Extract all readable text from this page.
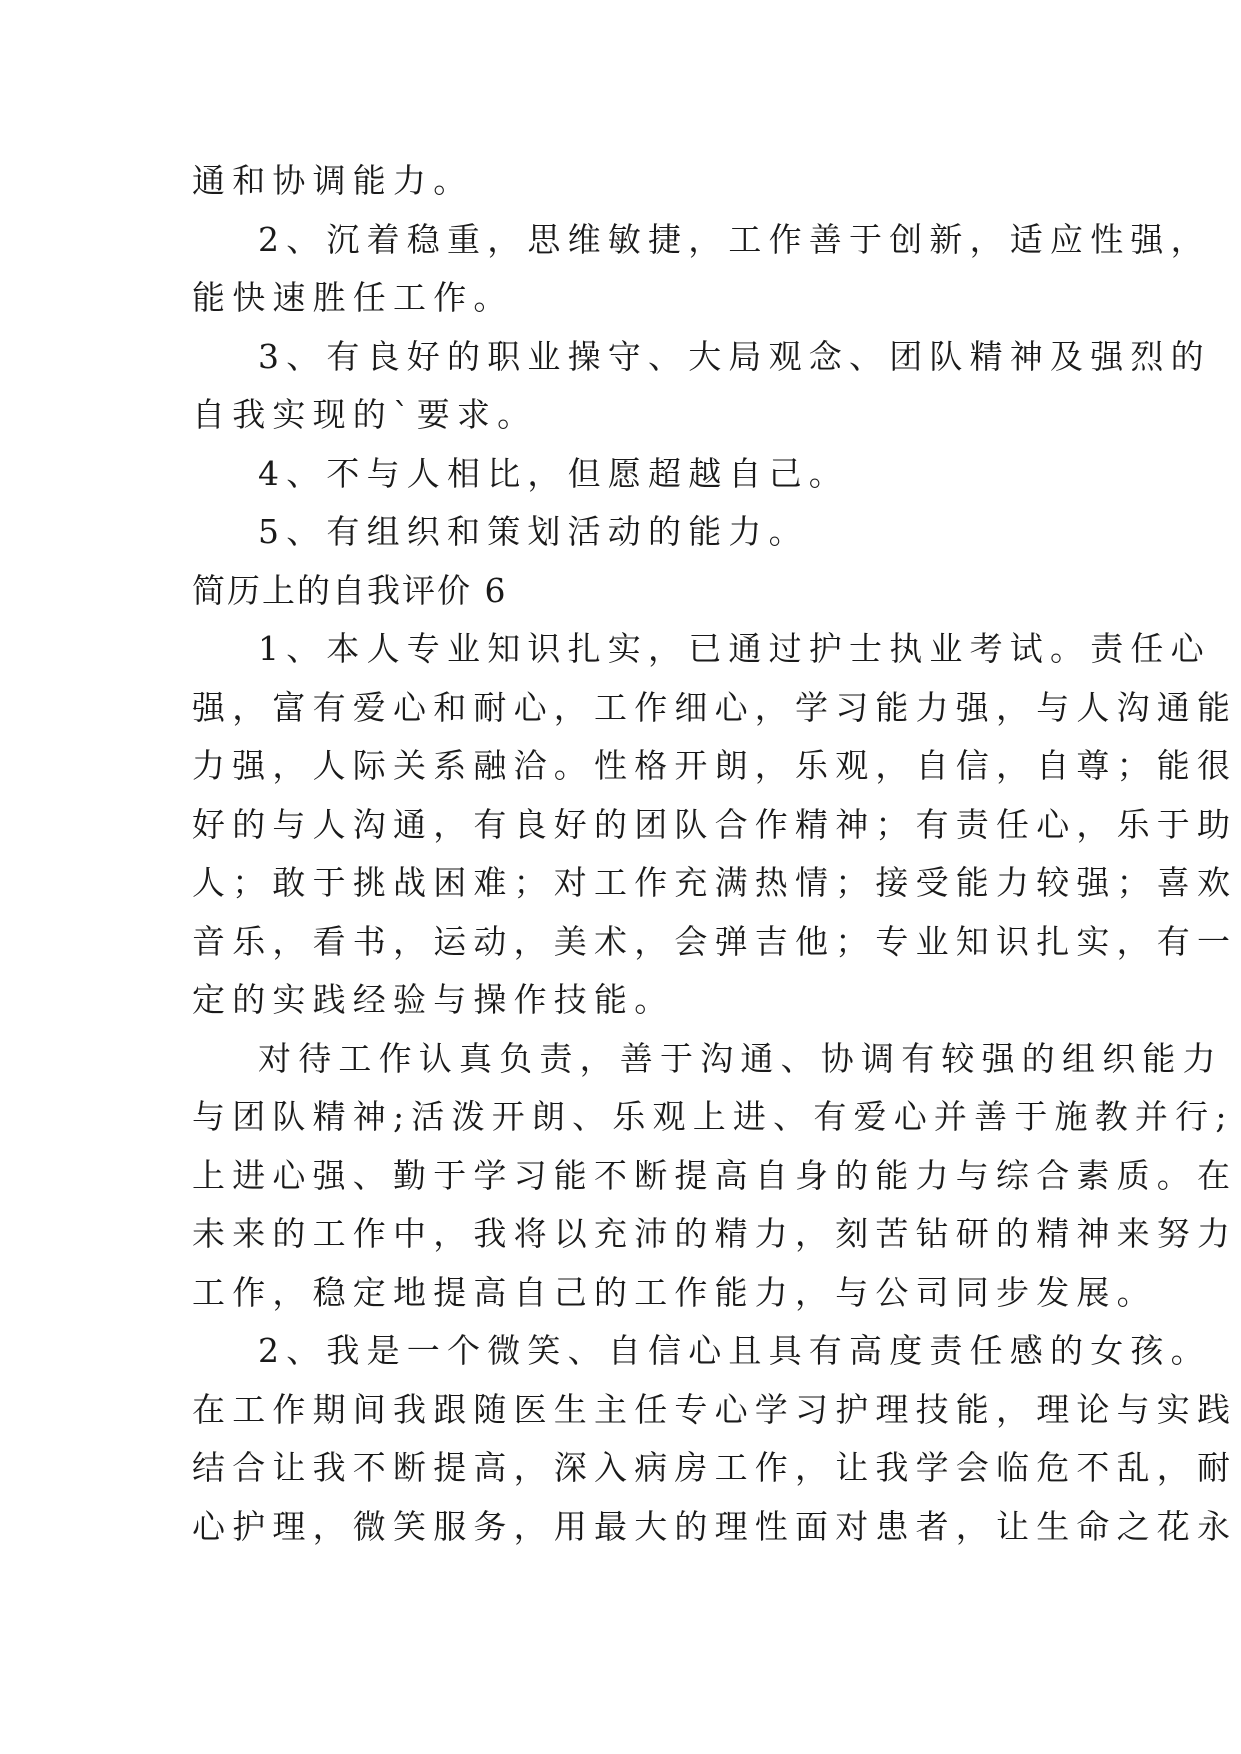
通和协调能力。
2、沉着稳重，思维敏捷，工作善于创新，适应性强，
能快速胜任工作。
3、有良好的职业操守、大局观念、团队精神及强烈的
自我实现的`要求。
4、不与人相比，但愿超越自己。
5、有组织和策划活动的能力。
简历上的自我评价 6
1、本人专业知识扎实，已通过护士执业考试。责任心
强，富有爱心和耐心，工作细心，学习能力强，与人沟通能
力强，人际关系融洽。性格开朗，乐观，自信，自尊；能很
好的与人沟通，有良好的团队合作精神；有责任心，乐于助
人；敢于挑战困难；对工作充满热情；接受能力较强；喜欢
音乐，看书，运动，美术，会弹吉他；专业知识扎实，有一
定的实践经验与操作技能。
对待工作认真负责，善于沟通、协调有较强的组织能力
与团队精神;活泼开朗、乐观上进、有爱心并善于施教并行;
上进心强、勤于学习能不断提高自身的能力与综合素质。在
未来的工作中，我将以充沛的精力，刻苦钻研的精神来努力
工作，稳定地提高自己的工作能力，与公司同步发展。
2、我是一个微笑、自信心且具有高度责任感的女孩。
在工作期间我跟随医生主任专心学习护理技能，理论与实践
结合让我不断提高，深入病房工作，让我学会临危不乱，耐
心护理，微笑服务，用最大的理性面对患者，让生命之花永
